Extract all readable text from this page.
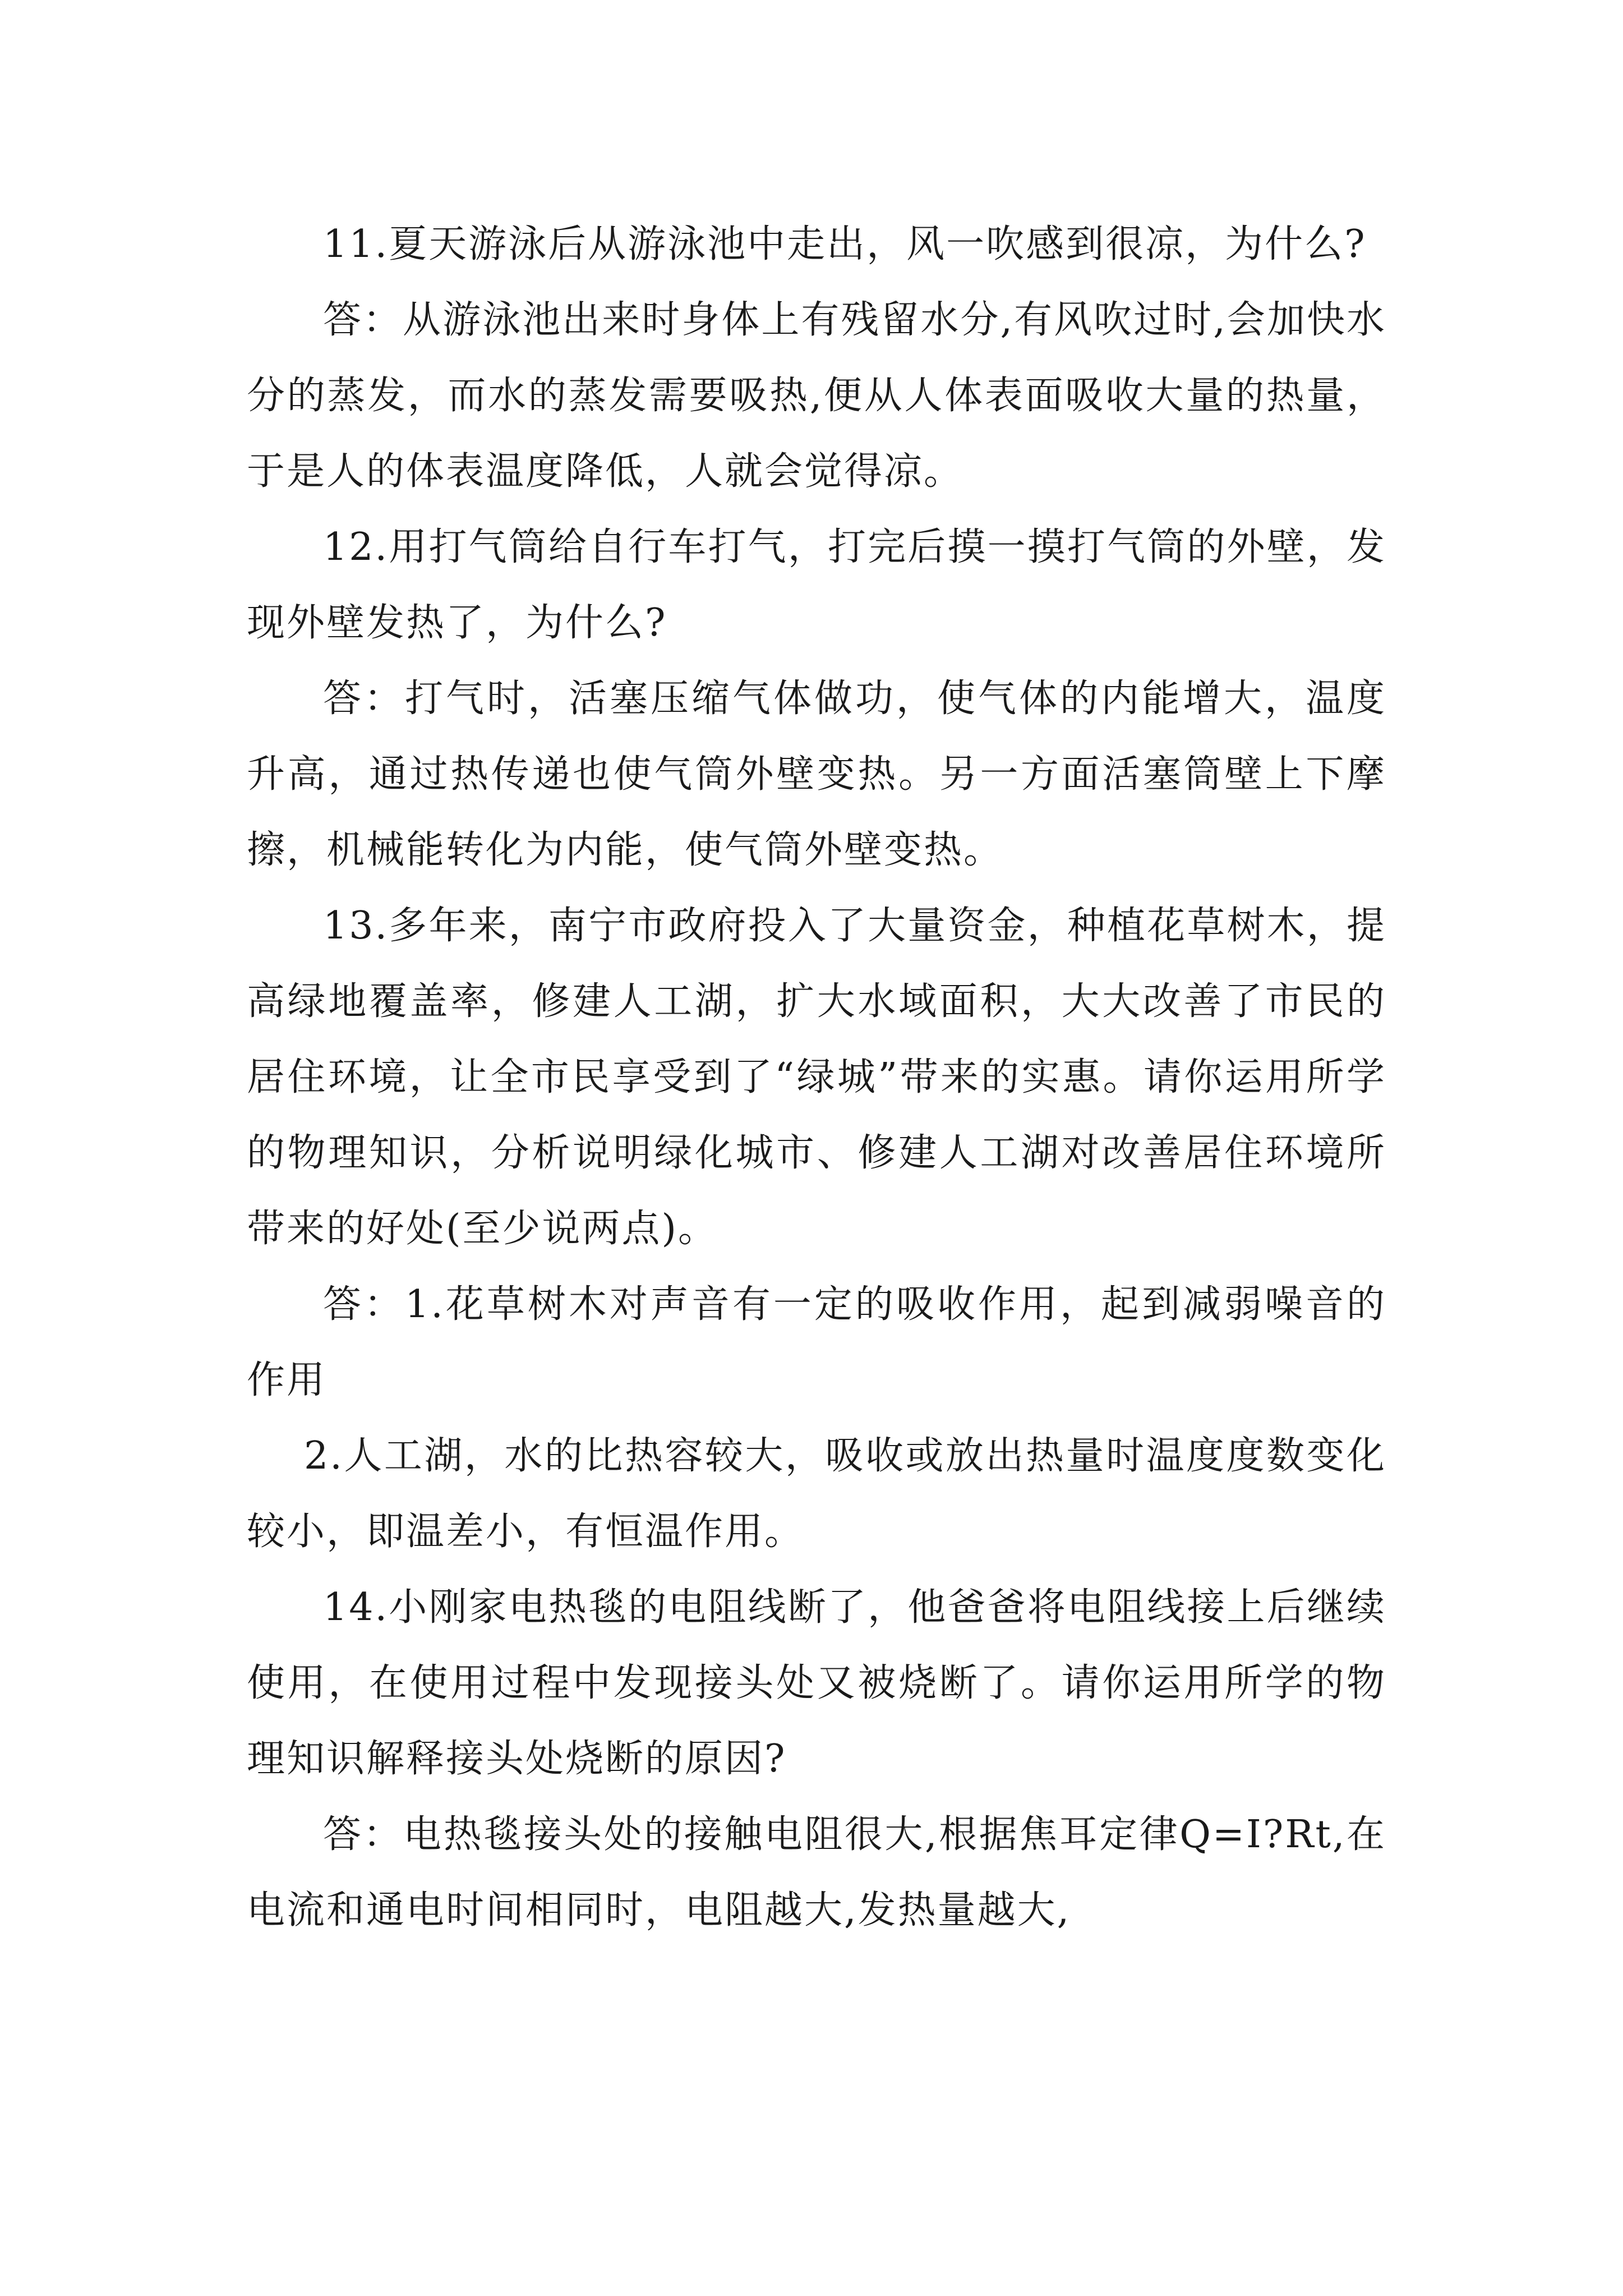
11.夏天游泳后从游泳池中走出，风一吹感到很凉，为什么?

答：从游泳池出来时身体上有残留水分,有风吹过时,会加快水分的蒸发，而水的蒸发需要吸热,便从人体表面吸收大量的热量，于是人的体表温度降低，人就会觉得凉。

12.用打气筒给自行车打气，打完后摸一摸打气筒的外壁，发现外壁发热了，为什么?

答：打气时，活塞压缩气体做功，使气体的内能增大，温度升高，通过热传递也使气筒外壁变热。另一方面活塞筒壁上下摩擦，机械能转化为内能，使气筒外壁变热。

13.多年来，南宁市政府投入了大量资金，种植花草树木，提高绿地覆盖率，修建人工湖，扩大水域面积，大大改善了市民的居住环境，让全市民享受到了“绿城”带来的实惠。请你运用所学的物理知识，分析说明绿化城市、修建人工湖对改善居住环境所带来的好处(至少说两点)。

答：1.花草树木对声音有一定的吸收作用，起到减弱噪音的作用

2.人工湖，水的比热容较大，吸收或放出热量时温度度数变化较小，即温差小，有恒温作用。

14.小刚家电热毯的电阻线断了，他爸爸将电阻线接上后继续使用，在使用过程中发现接头处又被烧断了。请你运用所学的物理知识解释接头处烧断的原因?

答：电热毯接头处的接触电阻很大,根据焦耳定律Q=I?Rt,在电流和通电时间相同时，电阻越大,发热量越大,
